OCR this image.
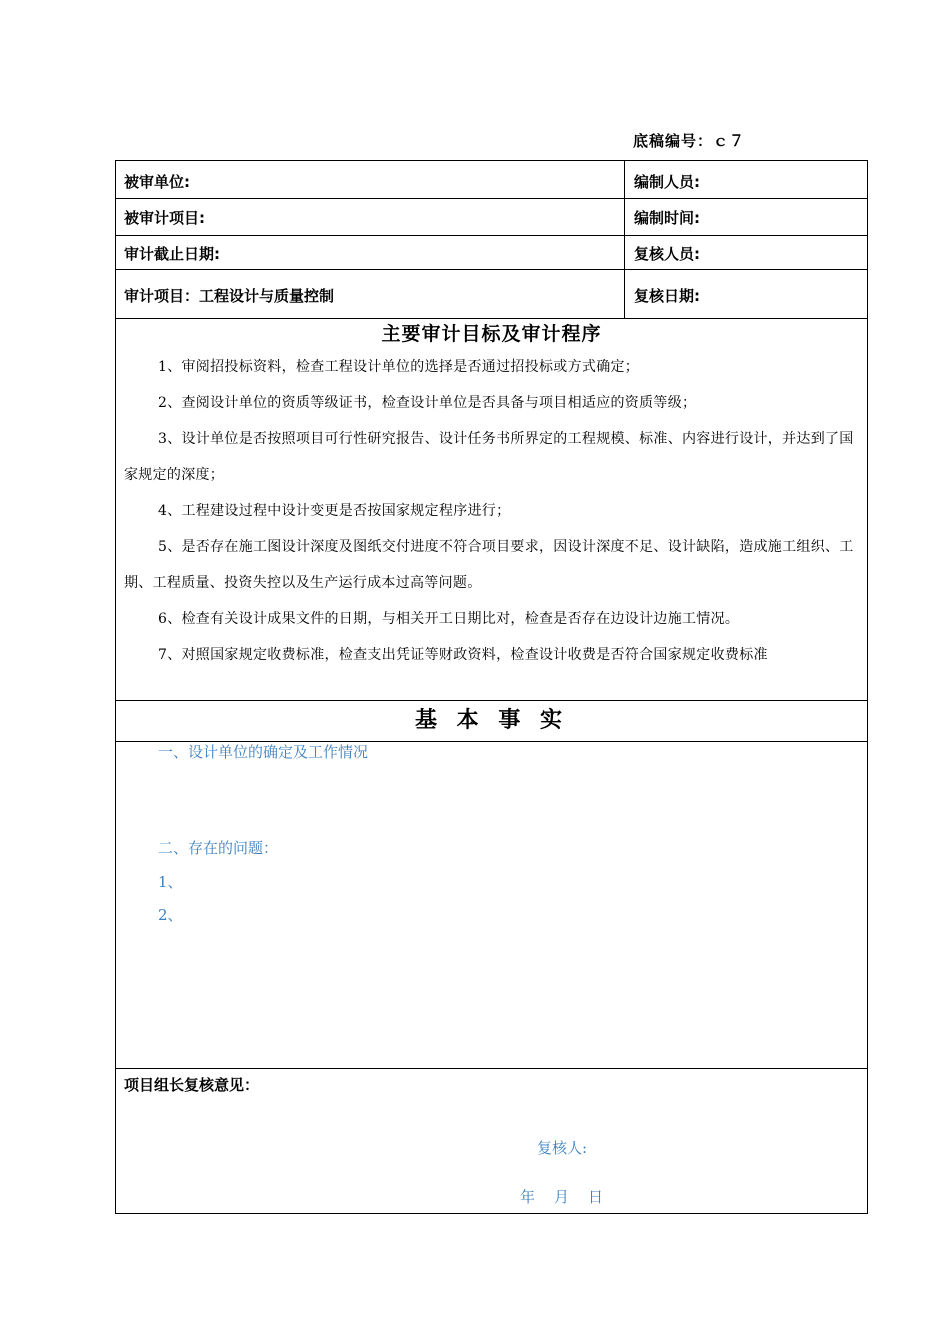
底稿编号：ｃ７
被审单位:	编制人员:
被审计项目:	编制时间:
审计截止日期:	复核人员:
审计项目：工程设计与质量控制	复核日期:
主要审计目标及审计程序

1、审阅招投标资料，检查工程设计单位的选择是否通过招投标或方式确定；

2、查阅设计单位的资质等级证书，检查设计单位是否具备与项目相适应的资质等级；

3、设计单位是否按照项目可行性研究报告、设计任务书所界定的工程规模、标准、内容进行设计，并达到了国家规定的深度；

4、工程建设过程中设计变更是否按国家规定程序进行；

5、是否存在施工图设计深度及图纸交付进度不符合项目要求，因设计深度不足、设计缺陷，造成施工组织、工期、工程质量、投资失控以及生产运行成本过高等问题。

6、检查有关设计成果文件的日期，与相关开工日期比对，检查是否存在边设计边施工情况。

7、对照国家规定收费标准，检查支出凭证等财政资料，检查设计收费是否符合国家规定收费标准

基 本 事 实
一、设计单位的确定及工作情况
二、存在的问题：
1、
2、
项目组长复核意见：
复核人:
年　月　日
